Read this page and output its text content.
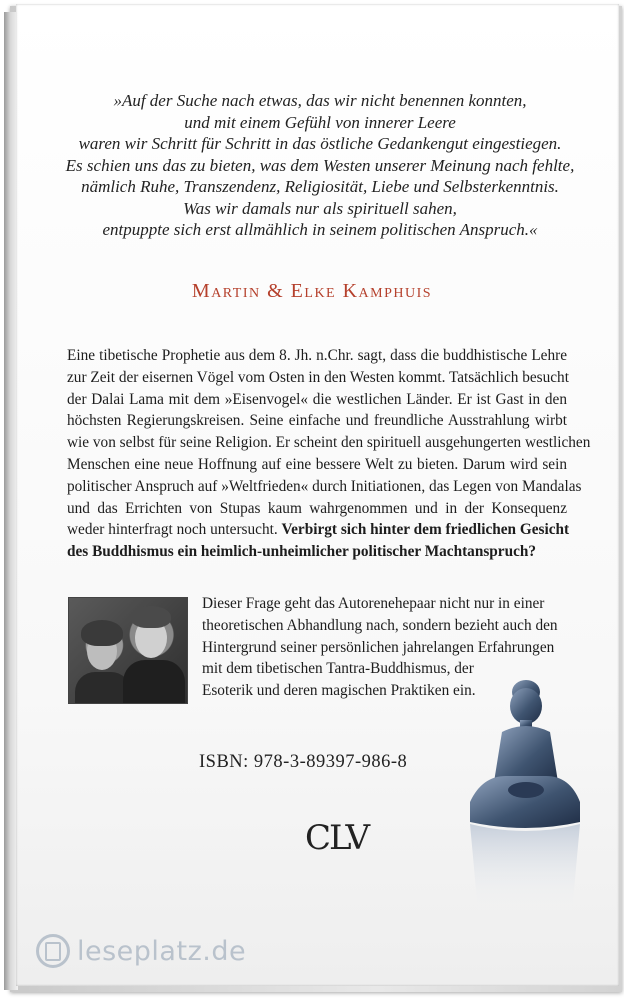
»Auf der Suche nach etwas, das wir nicht benennen konnten,
und mit einem Gefühl von innerer Leere
waren wir Schritt für Schritt in das östliche Gedankengut eingestiegen.
Es schien uns das zu bieten, was dem Westen unserer Meinung nach fehlte,
nämlich Ruhe, Transzendenz, Religiosität, Liebe und Selbsterkenntnis.
Was wir damals nur als spirituell sahen,
entpuppte sich erst allmählich in seinem politischen Anspruch.«
Martin & Elke Kamphuis
Eine tibetische Prophetie aus dem 8. Jh. n.Chr. sagt, dass die buddhistische Lehre
zur Zeit der eisernen Vögel vom Osten in den Westen kommt. Tatsächlich besucht
der Dalai Lama mit dem »Eisenvogel« die westlichen Länder. Er ist Gast in den
höchsten Regierungskreisen. Seine einfache und freundliche Ausstrahlung wirbt
wie von selbst für seine Religion. Er scheint den spirituell ausgehungerten westlichen
Menschen eine neue Hoffnung auf eine bessere Welt zu bieten. Darum wird sein
politischer Anspruch auf »Weltfrieden« durch Initiationen, das Legen von Mandalas
und das Errichten von Stupas kaum wahrgenommen und in der Konsequenz
weder hinterfragt noch untersucht. Verbirgt sich hinter dem friedlichen Gesicht
des Buddhismus ein heimlich-unheimlicher politischer Machtanspruch?
Dieser Frage geht das Autorenehepaar nicht nur in einer
theoretischen Abhandlung nach, sondern bezieht auch den
Hintergrund seiner persönlichen jahrelangen Erfahrungen
mit dem tibetischen Tantra-Buddhismus, der
Esoterik und deren magischen Praktiken ein.
ISBN: 978-3-89397-986-8
CLV
leseplatz.de
